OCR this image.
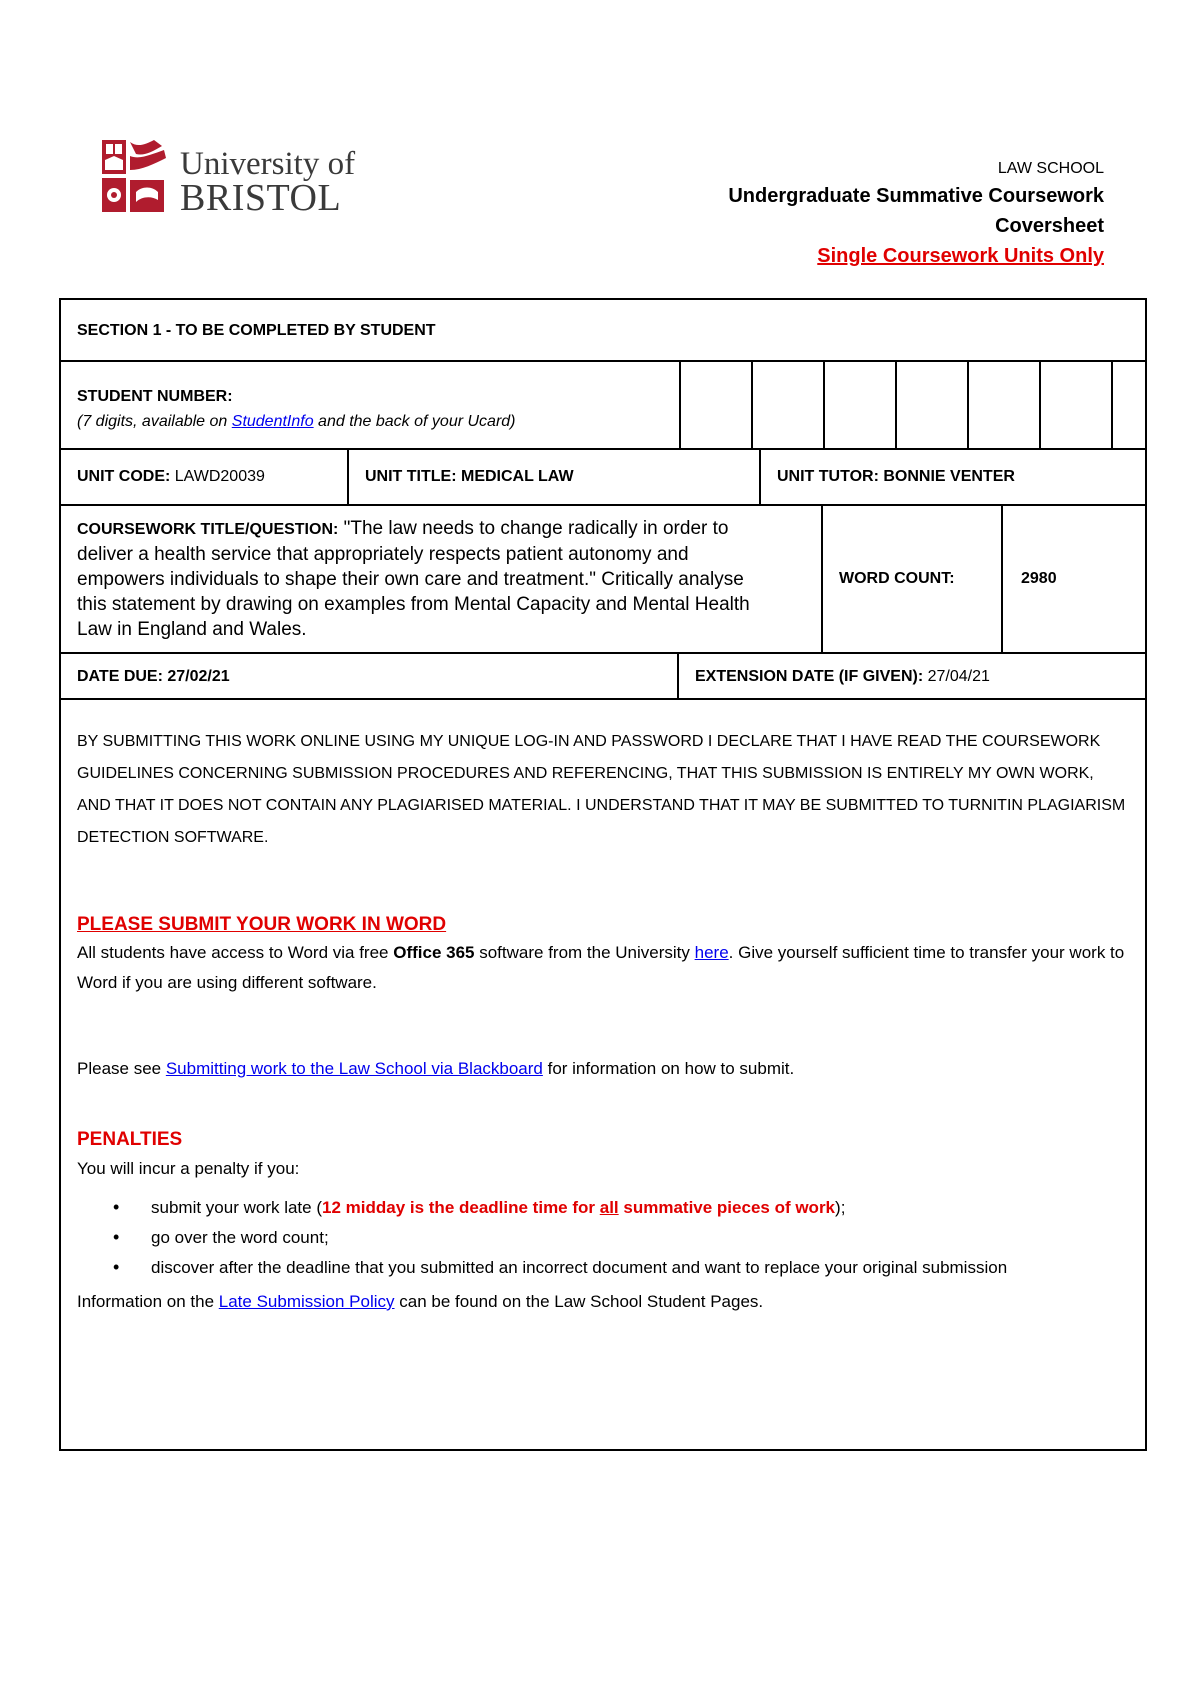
University of
BRISTOL
LAW SCHOOL
Undergraduate Summative Coursework
Coversheet
Single Coursework Units Only
SECTION 1 - TO BE COMPLETED BY STUDENT
STUDENT NUMBER:
(7 digits, available on StudentInfo and the back of your Ucard)
UNIT CODE: LAWD20039	UNIT TITLE: MEDICAL LAW	UNIT TUTOR: BONNIE VENTER
COURSEWORK TITLE/QUESTION: "The law needs to change radically in order to deliver a health service that appropriately respects patient autonomy and empowers individuals to shape their own care and treatment." Critically analyse this statement by drawing on examples from Mental Capacity and Mental Health Law in England and Wales.
WORD COUNT:	2980
DATE DUE: 27/02/21	EXTENSION DATE (IF GIVEN): 27/04/21
BY SUBMITTING THIS WORK ONLINE USING MY UNIQUE LOG-IN AND PASSWORD I DECLARE THAT I HAVE READ THE COURSEWORK GUIDELINES CONCERNING SUBMISSION PROCEDURES AND REFERENCING, THAT THIS SUBMISSION IS ENTIRELY MY OWN WORK, AND THAT IT DOES NOT CONTAIN ANY PLAGIARISED MATERIAL. I UNDERSTAND THAT IT MAY BE SUBMITTED TO TURNITIN PLAGIARISM DETECTION SOFTWARE.
PLEASE SUBMIT YOUR WORK IN WORD
All students have access to Word via free Office 365 software from the University here. Give yourself sufficient time to transfer your work to Word if you are using different software.
Please see Submitting work to the Law School via Blackboard for information on how to submit.
PENALTIES
You will incur a penalty if you:
• submit your work late (12 midday is the deadline time for all summative pieces of work);
• go over the word count;
• discover after the deadline that you submitted an incorrect document and want to replace your original submission
Information on the Late Submission Policy can be found on the Law School Student Pages.
